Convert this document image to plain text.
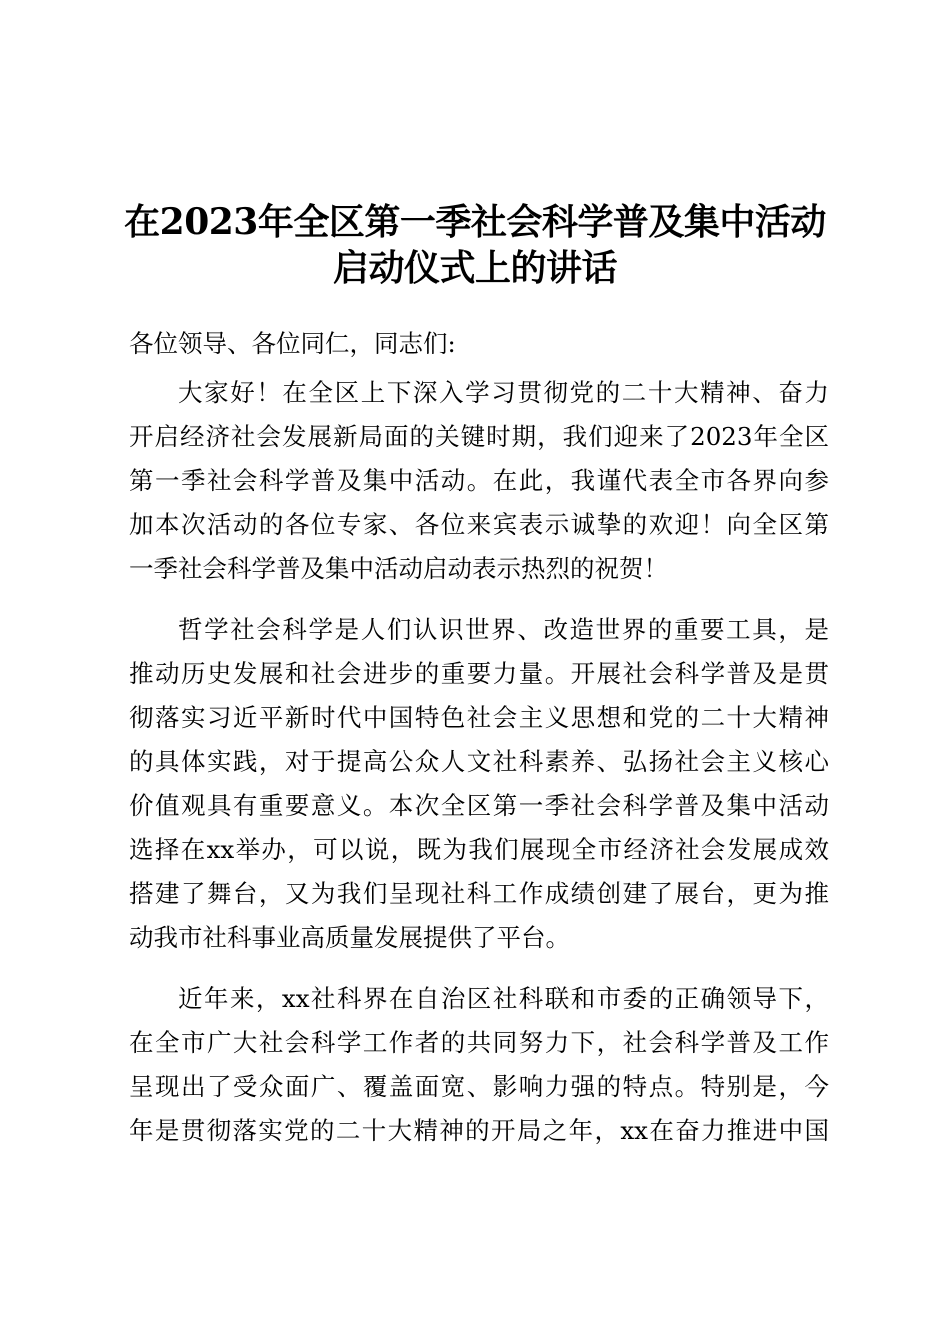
在2023年全区第一季社会科学普及集中活动
启动仪式上的讲话
各位领导、各位同仁，同志们:
大家好！在全区上下深入学习贯彻党的二十大精神、奋力
开启经济社会发展新局面的关键时期，我们迎来了2023年全区
第一季社会科学普及集中活动。在此，我谨代表全市各界向参
加本次活动的各位专家、各位来宾表示诚挚的欢迎！向全区第
一季社会科学普及集中活动启动表示热烈的祝贺！
哲学社会科学是人们认识世界、改造世界的重要工具，是
推动历史发展和社会进步的重要力量。开展社会科学普及是贯
彻落实习近平新时代中国特色社会主义思想和党的二十大精神
的具体实践，对于提高公众人文社科素养、弘扬社会主义核心
价值观具有重要意义。本次全区第一季社会科学普及集中活动
选择在xx举办，可以说，既为我们展现全市经济社会发展成效
搭建了舞台，又为我们呈现社科工作成绩创建了展台，更为推
动我市社科事业高质量发展提供了平台。
近年来，xx社科界在自治区社科联和市委的正确领导下，
在全市广大社会科学工作者的共同努力下，社会科学普及工作
呈现出了受众面广、覆盖面宽、影响力强的特点。特别是，今
年是贯彻落实党的二十大精神的开局之年，xx在奋力推进中国
